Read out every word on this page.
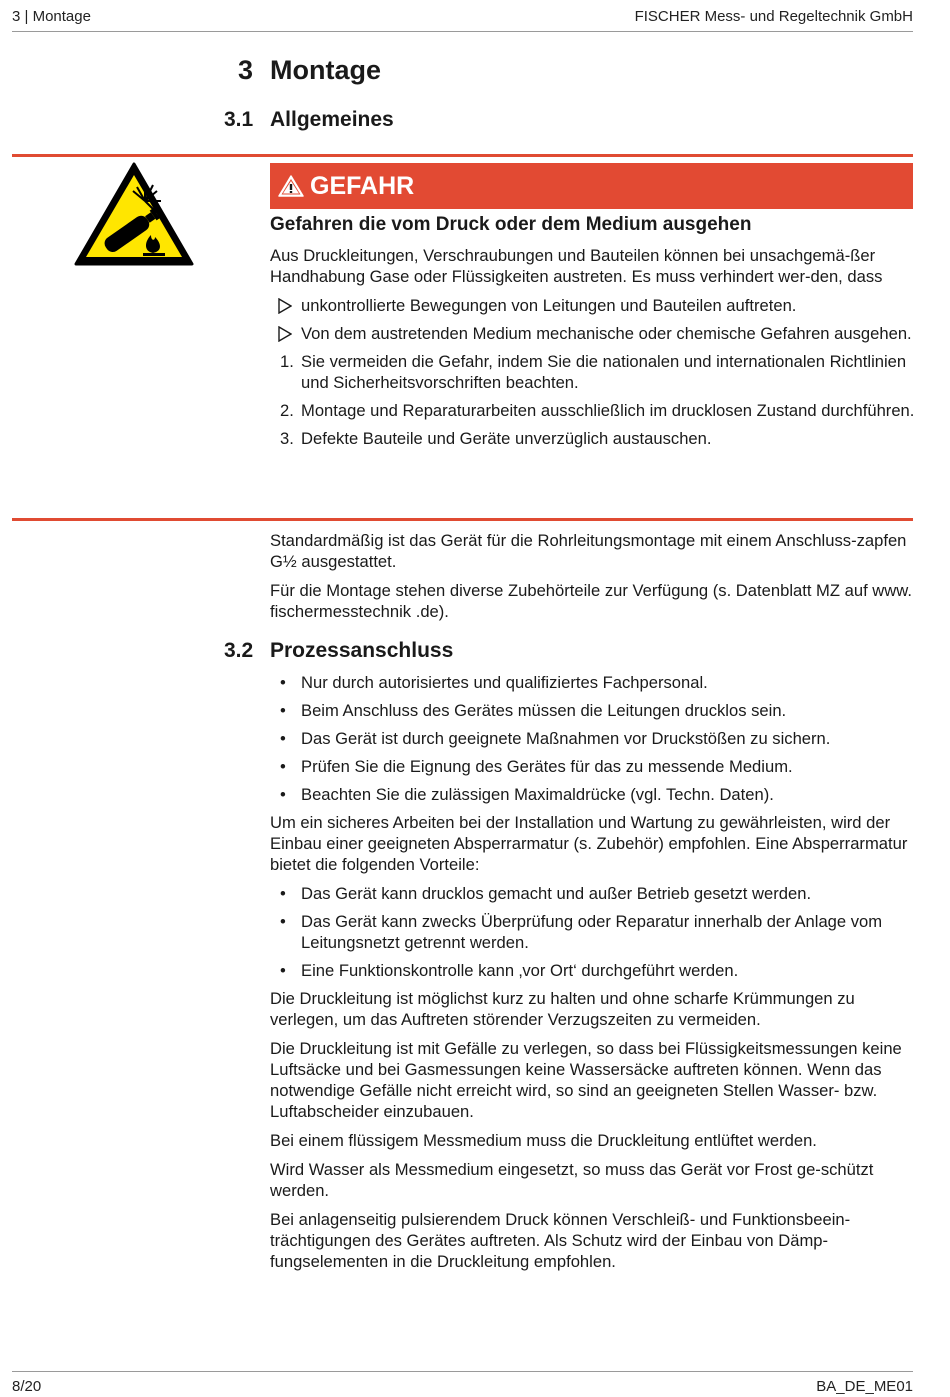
3 | Montage	FISCHER Mess- und Regeltechnik GmbH
3 Montage
3.1 Allgemeines
GEFAHR
Gefahren die vom Druck oder dem Medium ausgehen

Aus Druckleitungen, Verschraubungen und Bauteilen können bei unsachgemä-ßer Handhabung Gase oder Flüssigkeiten austreten. Es muss verhindert wer-den, dass

unkontrollierte Bewegungen von Leitungen und Bauteilen auftreten.
Von dem austretenden Medium mechanische oder chemische Gefahren ausgehen.
1. Sie vermeiden die Gefahr, indem Sie die nationalen und internationalen Richtlinien und Sicherheitsvorschriften beachten.
2. Montage und Reparaturarbeiten ausschließlich im drucklosen Zustand durchführen.
3. Defekte Bauteile und Geräte unverzüglich austauschen.

Standardmäßig ist das Gerät für die Rohrleitungsmontage mit einem Anschluss-zapfen G½ ausgestattet.

Für die Montage stehen diverse Zubehörteile zur Verfügung (s. Datenblatt MZ auf www. fischermesstechnik .de).

3.2 Prozessanschluss
• Nur durch autorisiertes und qualifiziertes Fachpersonal.
• Beim Anschluss des Gerätes müssen die Leitungen drucklos sein.
• Das Gerät ist durch geeignete Maßnahmen vor Druckstößen zu sichern.
• Prüfen Sie die Eignung des Gerätes für das zu messende Medium.
• Beachten Sie die zulässigen Maximaldrücke (vgl. Techn. Daten).

Um ein sicheres Arbeiten bei der Installation und Wartung zu gewährleisten, wird der Einbau einer geeigneten Absperrarmatur (s. Zubehör) empfohlen. Eine Absperrarmatur bietet die folgenden Vorteile:

• Das Gerät kann drucklos gemacht und außer Betrieb gesetzt werden.
• Das Gerät kann zwecks Überprüfung oder Reparatur innerhalb der Anlage vom Leitungsnetzt getrennt werden.
• Eine Funktionskontrolle kann ‚vor Ort‘ durchgeführt werden.

Die Druckleitung ist möglichst kurz zu halten und ohne scharfe Krümmungen zu verlegen, um das Auftreten störender Verzugszeiten zu vermeiden.

Die Druckleitung ist mit Gefälle zu verlegen, so dass bei Flüssigkeitsmessungen keine Luftsäcke und bei Gasmessungen keine Wassersäcke auftreten können. Wenn das notwendige Gefälle nicht erreicht wird, so sind an geeigneten Stellen Wasser- bzw. Luftabscheider einzubauen.

Bei einem flüssigem Messmedium muss die Druckleitung entlüftet werden.

Wird Wasser als Messmedium eingesetzt, so muss das Gerät vor Frost ge-schützt werden.

Bei anlagenseitig pulsierendem Druck können Verschleiß- und Funktionsbeein-trächtigungen des Gerätes auftreten. Als Schutz wird der Einbau von Dämp-fungselementen in die Druckleitung empfohlen.

8/20	BA_DE_ME01
